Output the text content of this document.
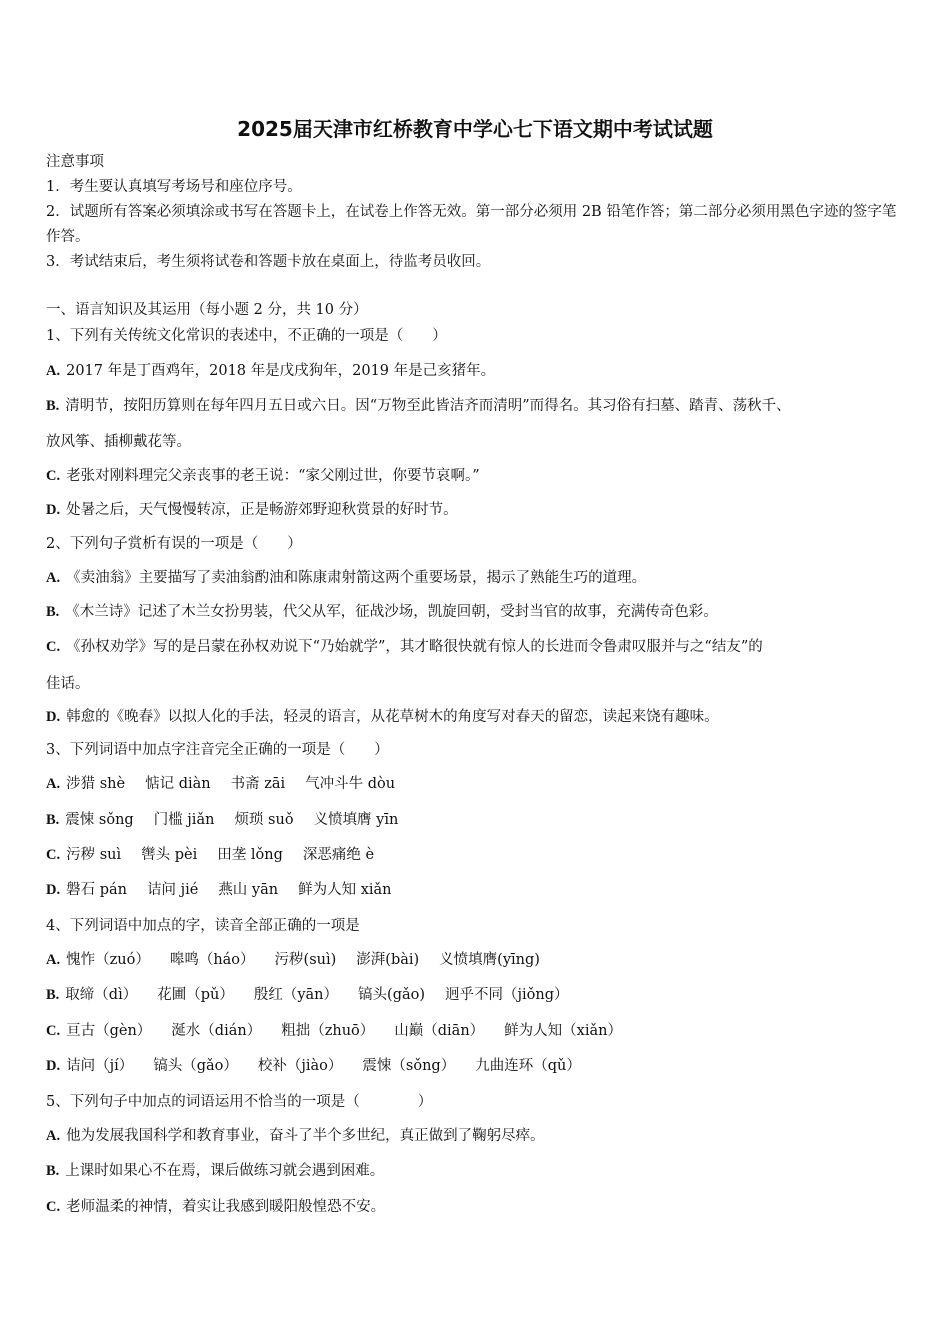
2025届天津市红桥教育中学心七下语文期中考试试题
注意事项
1．考生要认真填写考场号和座位序号。
2．试题所有答案必须填涂或书写在答题卡上，在试卷上作答无效。第一部分必须用 2B 铅笔作答；第二部分必须用黑色字迹的签字笔作答。
3．考试结束后，考生须将试卷和答题卡放在桌面上，待监考员收回。
一、语言知识及其运用（每小题 2 分，共 10 分）
1、下列有关传统文化常识的表述中，不正确的一项是（　　）
A. 2017 年是丁酉鸡年，2018 年是戊戌狗年，2019 年是己亥猪年。
B. 清明节，按阳历算则在每年四月五日或六日。因“万物至此皆洁齐而清明”而得名。其习俗有扫墓、踏青、荡秋千、
放风筝、插柳戴花等。
C. 老张对刚料理完父亲丧事的老王说：“家父刚过世，你要节哀啊。”
D. 处暑之后，天气慢慢转凉，正是畅游郊野迎秋赏景的好时节。
2、下列句子赏析有误的一项是（　　）
A. 《卖油翁》主要描写了卖油翁酌油和陈康肃射箭这两个重要场景，揭示了熟能生巧的道理。
B. 《木兰诗》记述了木兰女扮男装，代父从军，征战沙场，凯旋回朝，受封当官的故事，充满传奇色彩。
C. 《孙权劝学》写的是吕蒙在孙权劝说下“乃始就学”，其才略很快就有惊人的长进而令鲁肃叹服并与之“结友”的
佳话。
D. 韩愈的《晚春》以拟人化的手法，轻灵的语言，从花草树木的角度写对春天的留恋，读起来饶有趣味。
3、下列词语中加点字注音完全正确的一项是（　　）
A. 涉猎 shè 惦记 diàn 书斋 zāi 气冲斗牛 dòu
B. 震悚 sǒng 门槛 jiǎn 烦琐 suǒ 义愤填膺 yīn
C. 污秽 suì 辔头 pèi 田垄 lǒng 深恶痛绝 è
D. 磐石 pán 诘问 jié 燕山 yān 鲜为人知 xiǎn
4、下列词语中加点的字，读音全部正确的一项是
A. 愧怍（zuó） 嗥鸣（háo） 污秽(suì) 澎湃(bài) 义愤填膺(yīng)
B. 取缔（dì） 花圃（pǔ） 殷红（yān） 镐头(gǎo) 迥乎不同（jiǒng）
C. 亘古（gèn） 涎水（dián） 粗拙（zhuō） 山巅（diān） 鲜为人知（xiǎn）
D. 诘问（jí） 镐头（gǎo） 校补（jiào） 震悚（sǒng） 九曲连环（qǔ）
5、下列句子中加点的词语运用不恰当的一项是（　　　　）
A. 他为发展我国科学和教育事业，奋斗了半个多世纪，真正做到了鞠躬尽瘁。
B. 上课时如果心不在焉，课后做练习就会遇到困难。
C. 老师温柔的神情，着实让我感到暖阳般惶恐不安。
